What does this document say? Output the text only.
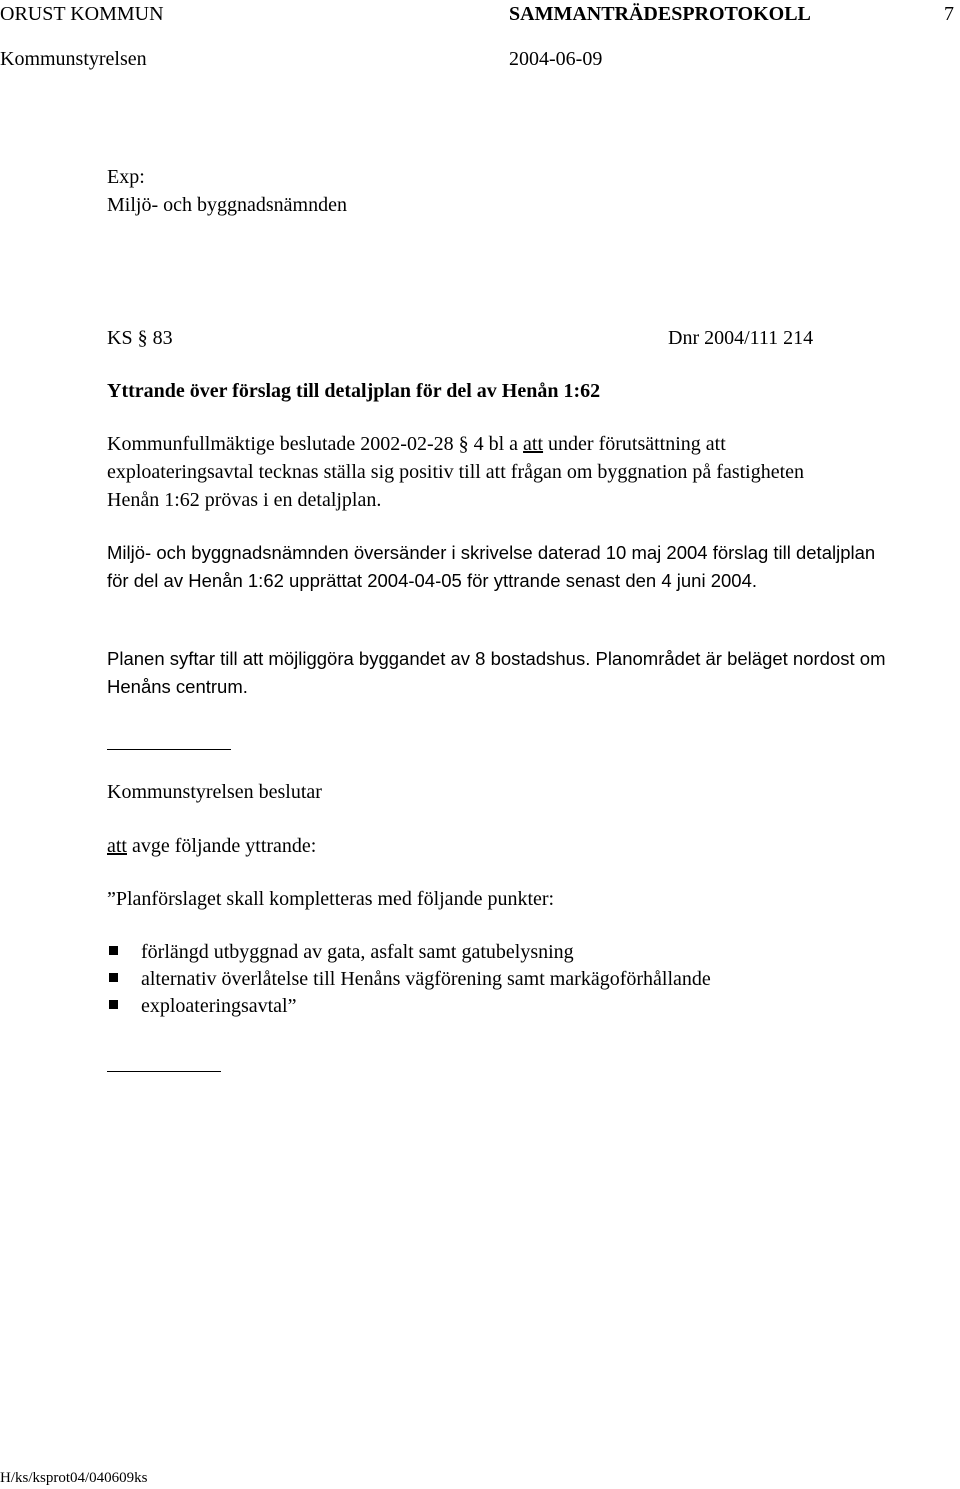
ORUST KOMMUN	SAMMANTRÄDESPROTOKOLL	7
Kommunstyrelsen	2004-06-09
Exp:
Miljö- och byggnadsnämnden
KS § 83	Dnr 2004/111 214
Yttrande över förslag till detaljplan för del av Henån 1:62
Kommunfullmäktige beslutade 2002-02-28 § 4 bl a att under förutsättning att
exploateringsavtal tecknas ställa sig positiv till att frågan om byggnation på fastigheten
Henån 1:62 prövas i en detaljplan.
Miljö- och byggnadsnämnden översänder i skrivelse daterad 10 maj 2004 förslag till detaljplan för del av Henån 1:62 upprättat 2004-04-05 för yttrande senast den 4 juni 2004.
Planen syftar till att möjliggöra byggandet av 8 bostadshus. Planområdet är beläget nordost om Henåns centrum.
Kommunstyrelsen beslutar
att avge följande yttrande:
”Planförslaget skall kompletteras med följande punkter:
förlängd utbyggnad av gata, asfalt samt gatubelysning
alternativ överlåtelse till Henåns vägförening samt markägoförhållande
exploateringsavtal”
H/ks/ksprot04/040609ks
